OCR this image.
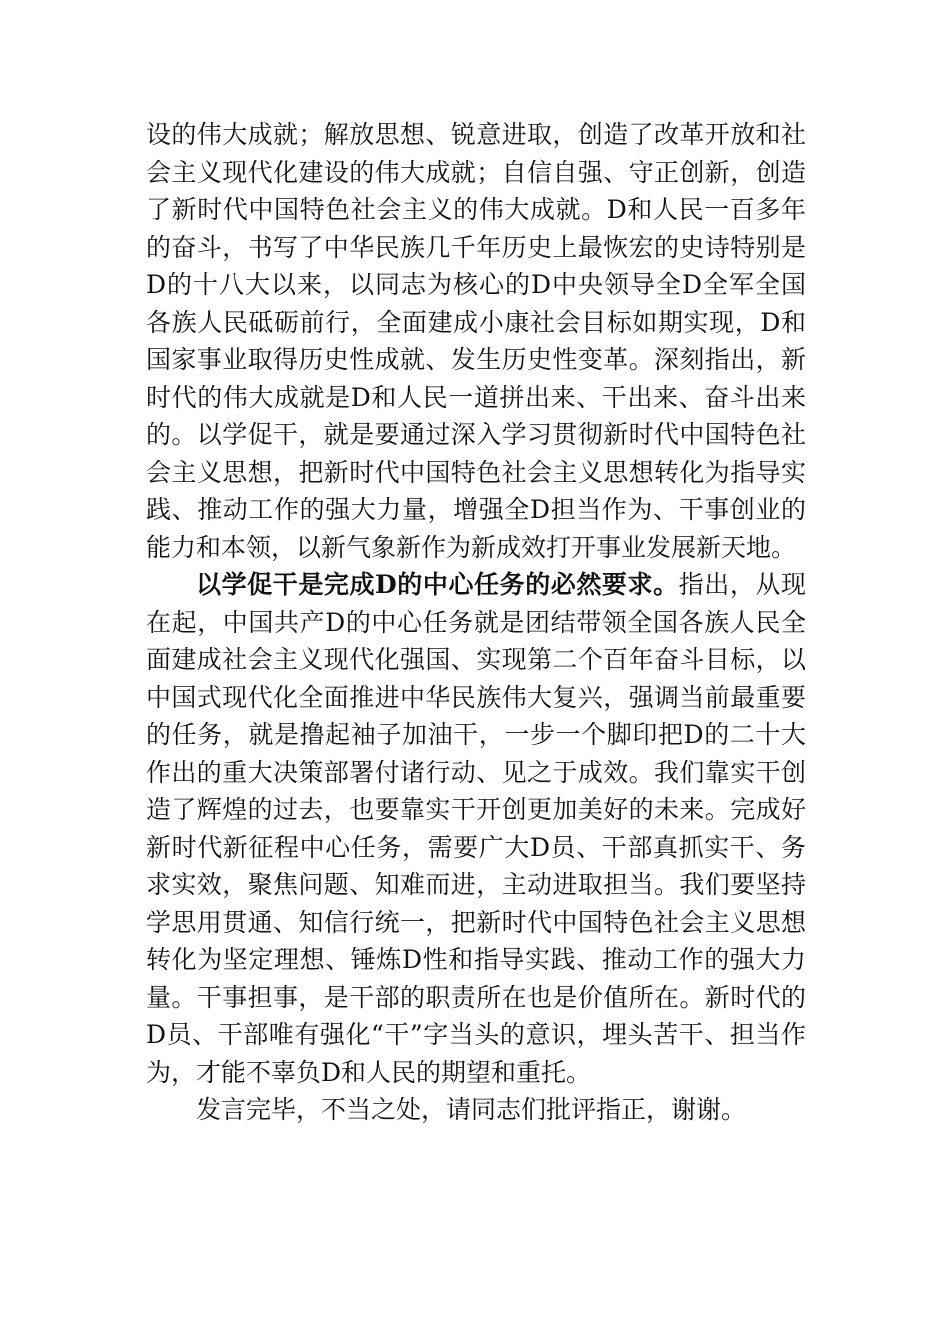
设的伟大成就；解放思想、锐意进取，创造了改革开放和社会主义现代化建设的伟大成就；自信自强、守正创新，创造了新时代中国特色社会主义的伟大成就。D和人民一百多年的奋斗，书写了中华民族几千年历史上最恢宏的史诗特别是D的十八大以来，以同志为核心的D中央领导全D全军全国各族人民砥砺前行，全面建成小康社会目标如期实现，D和国家事业取得历史性成就、发生历史性变革。深刻指出，新时代的伟大成就是D和人民一道拼出来、干出来、奋斗出来的。以学促干，就是要通过深入学习贯彻新时代中国特色社会主义思想，把新时代中国特色社会主义思想转化为指导实践、推动工作的强大力量，增强全D担当作为、干事创业的能力和本领，以新气象新作为新成效打开事业发展新天地。

以学促干是完成D的中心任务的必然要求。指出，从现在起，中国共产D的中心任务就是团结带领全国各族人民全面建成社会主义现代化强国、实现第二个百年奋斗目标，以中国式现代化全面推进中华民族伟大复兴，强调当前最重要的任务，就是撸起袖子加油干，一步一个脚印把D的二十大作出的重大决策部署付诸行动、见之于成效。我们靠实干创造了辉煌的过去，也要靠实干开创更加美好的未来。完成好新时代新征程中心任务，需要广大D员、干部真抓实干、务求实效，聚焦问题、知难而进，主动进取担当。我们要坚持学思用贯通、知信行统一，把新时代中国特色社会主义思想转化为坚定理想、锤炼D性和指导实践、推动工作的强大力量。干事担事，是干部的职责所在也是价值所在。新时代的D员、干部唯有强化“干”字当头的意识，埋头苦干、担当作为，才能不辜负D和人民的期望和重托。

发言完毕，不当之处，请同志们批评指正，谢谢。
